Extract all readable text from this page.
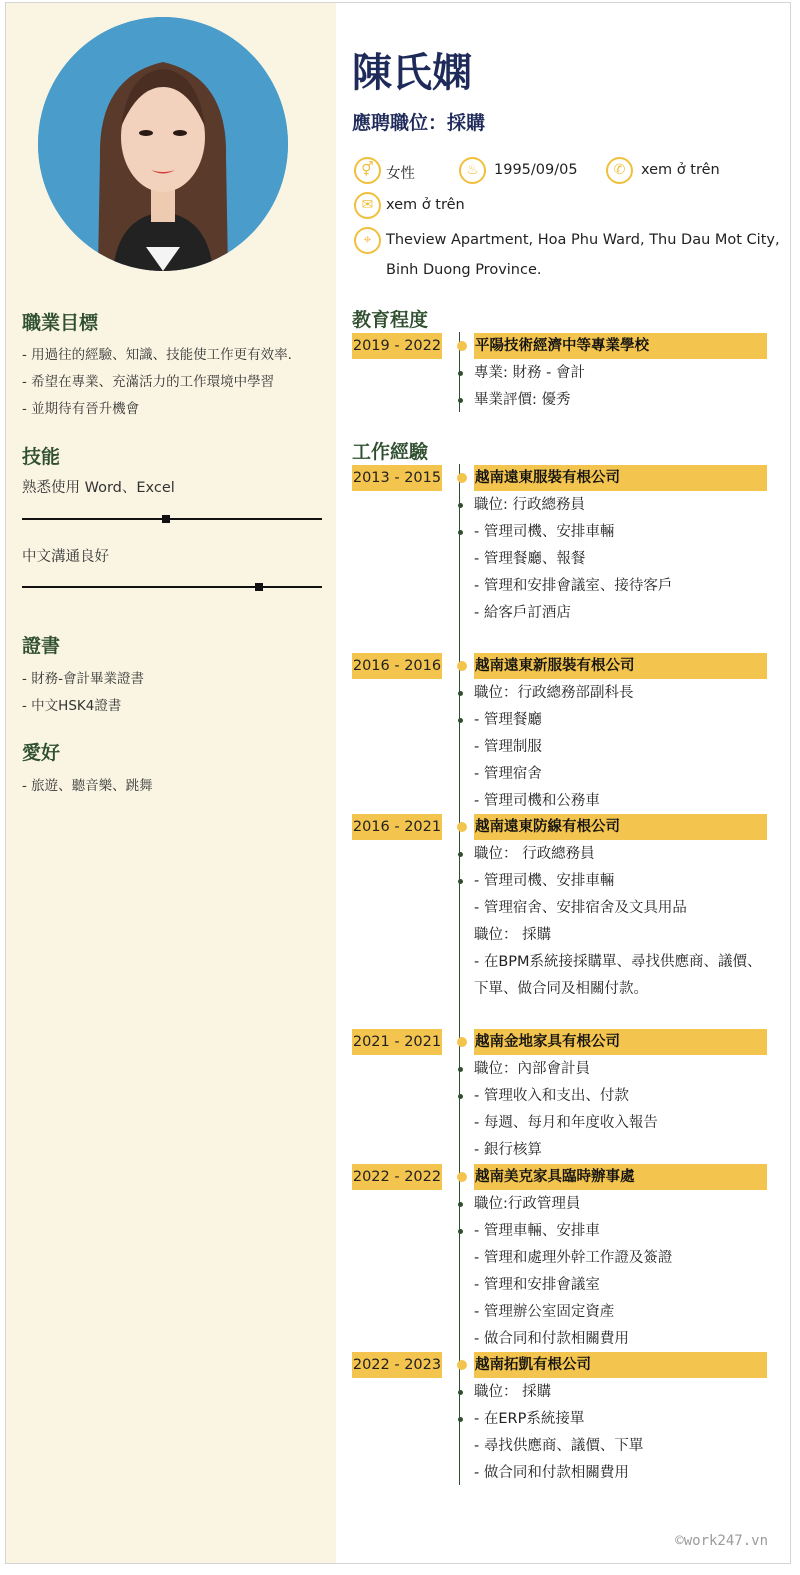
職業目標
- 用過往的經驗、知識、技能使工作更有效率.
- 希望在專業、充滿活力的工作環境中學習
- 並期待有晉升機會
技能
熟悉使用 Word、Excel
中文溝通良好
證書
- 財務-會計畢業證書
- 中文HSK4證書
愛好
- 旅遊、聽音樂、跳舞
陳氏嫻
應聘職位：採購
⚥ 女性	♨	1995/09/05	✆	xem ở trên
✉ xem ở trên
⌖	Theview Apartment, Hoa Phu Ward, Thu Dau Mot City,
Binh Duong Province.
教育程度
工作經驗
2019 - 2022 平陽技術經濟中等專業學校
專業: 財務 - 會計
畢業評價: 優秀
2013 - 2015 越南遠東服裝有根公司
職位: 行政總務員
- 管理司機、安排車輛
- 管理餐廳、報餐
- 管理和安排會議室、接待客戶
- 給客戶訂酒店
2016 - 2016 越南遠東新服裝有根公司
職位：行政總務部副科長
- 管理餐廳
- 管理制服
- 管理宿舍
- 管理司機和公務車
2016 - 2021 越南遠東防線有根公司
職位： 行政總務員
- 管理司機、安排車輛
- 管理宿舍、安排宿舍及文具用品
職位： 採購
- 在BPM系統接採購單、尋找供應商、議價、下單、做合同及相關付款。
2021 - 2021 越南金地家具有根公司
職位：內部會計員
- 管理收入和支出、付款
- 每週、每月和年度收入報告
- 銀行核算
2022 - 2022 越南美克家具臨時辦事處
職位:行政管理員
- 管理車輛、安排車
- 管理和處理外幹工作證及簽證
- 管理和安排會議室
- 管理辦公室固定資產
- 做合同和付款相關費用
2022 - 2023 越南拓凱有根公司
職位： 採購
- 在ERP系統接單
- 尋找供應商、議價、下單
- 做合同和付款相關費用
©work247.vn
